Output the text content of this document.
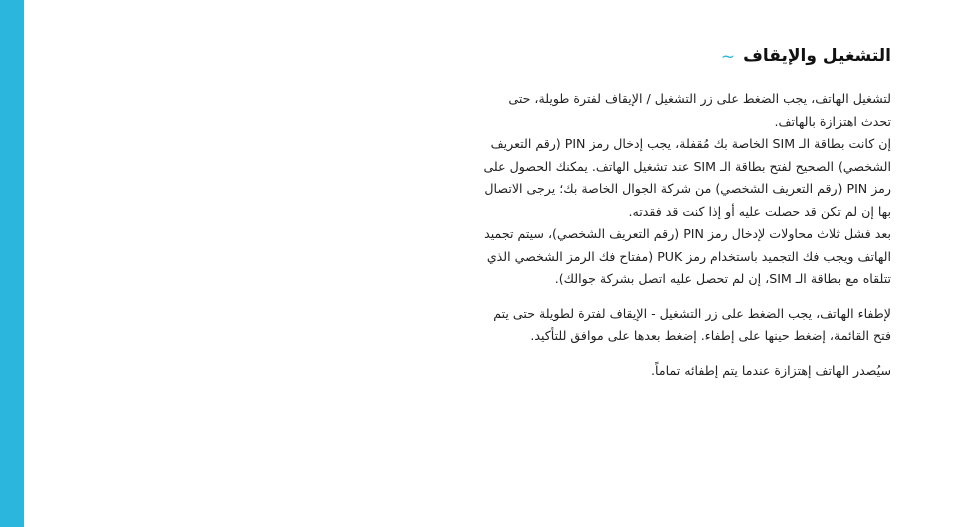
التشغيل والإيقاف
~

لتشغيل الهاتف، يجب الضغط على زر التشغيل / الإيقاف لفترة طويلة، حتى تحدث اهتزازة بالهاتف.

إن كانت بطاقة الـ SIM الخاصة بك مُقفلة، يجب إدخال رمز PIN (رقم التعريف الشخصي) الصحيح لفتح بطاقة الـ SIM عند تشغيل الهاتف. يمكنك الحصول على رمز PIN (رقم التعريف الشخصي) من شركة الجوال الخاصة بك؛ يرجى الاتصال بها إن لم تكن قد حصلت عليه أو إذا كنت قد فقدته.

بعد فشل ثلاث محاولات لإدخال رمز PIN (رقم التعريف الشخصي)، سيتم تجميد الهاتف ويجب فك التجميد باستخدام رمز PUK (مفتاح فك الرمز الشخصي الذي تتلقاه مع بطاقة الـ SIM، إن لم تحصل عليه اتصل بشركة جوالك).

لإطفاء الهاتف، يجب الضغط على زر التشغيل - الإيقاف لفترة لطويلة حتى يتم فتح القائمة، إضغط حينها على إطفاء. إضغط بعدها على موافق للتأكيد.

سيُصدر الهاتف إهتزازة عندما يتم إطفائه تماماً.
